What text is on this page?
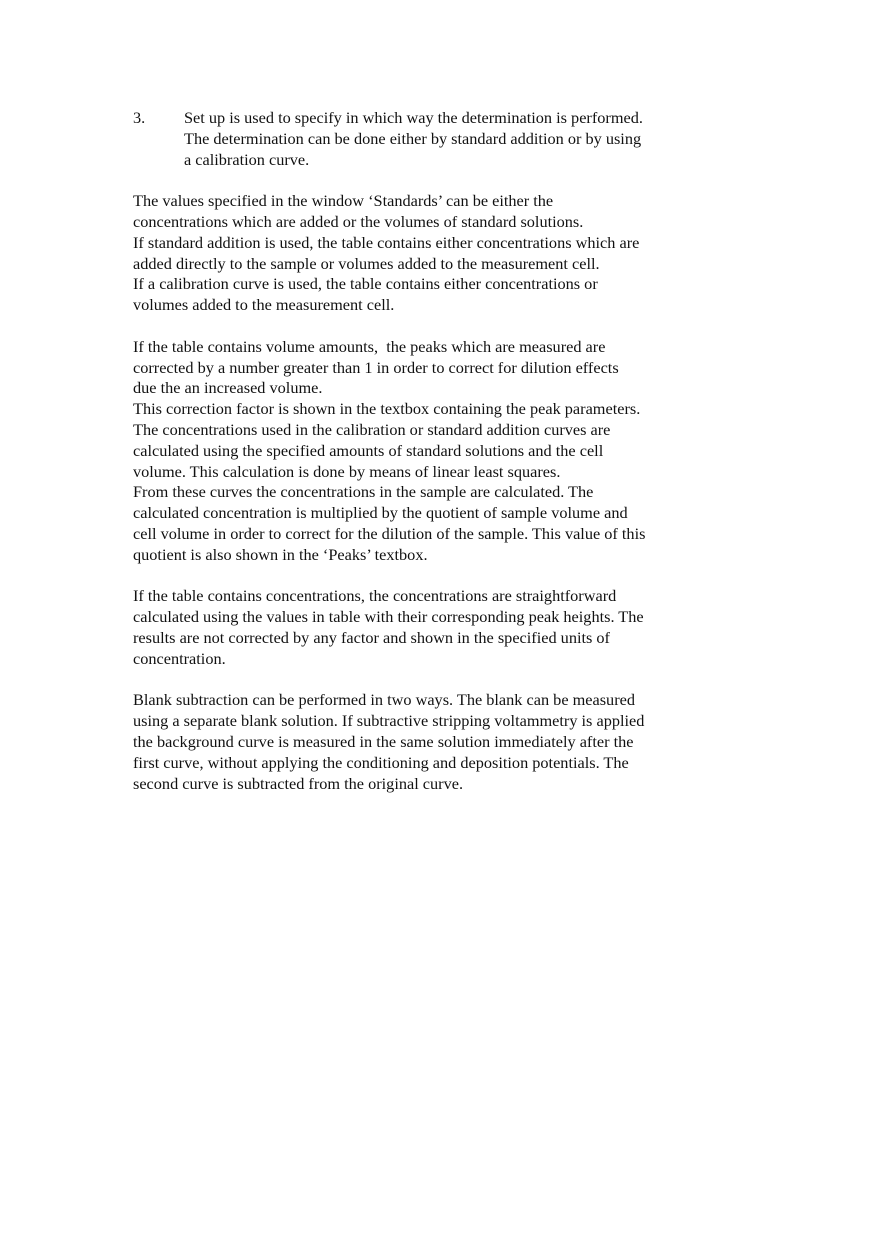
3. Set up is used to specify in which way the determination is performed.
The determination can be done either by standard addition or by using
a calibration curve.
The values specified in the window ‘Standards’ can be either the
concentrations which are added or the volumes of standard solutions.
If standard addition is used, the table contains either concentrations which are
added directly to the sample or volumes added to the measurement cell.
If a calibration curve is used, the table contains either concentrations or
volumes added to the measurement cell.
If the table contains volume amounts,  the peaks which are measured are
corrected by a number greater than 1 in order to correct for dilution effects
due the an increased volume.
This correction factor is shown in the textbox containing the peak parameters.
The concentrations used in the calibration or standard addition curves are
calculated using the specified amounts of standard solutions and the cell
volume. This calculation is done by means of linear least squares.
From these curves the concentrations in the sample are calculated. The
calculated concentration is multiplied by the quotient of sample volume and
cell volume in order to correct for the dilution of the sample. This value of this
quotient is also shown in the ‘Peaks’ textbox.
If the table contains concentrations, the concentrations are straightforward
calculated using the values in table with their corresponding peak heights. The
results are not corrected by any factor and shown in the specified units of
concentration.
Blank subtraction can be performed in two ways. The blank can be measured
using a separate blank solution. If subtractive stripping voltammetry is applied
the background curve is measured in the same solution immediately after the
first curve, without applying the conditioning and deposition potentials. The
second curve is subtracted from the original curve.
